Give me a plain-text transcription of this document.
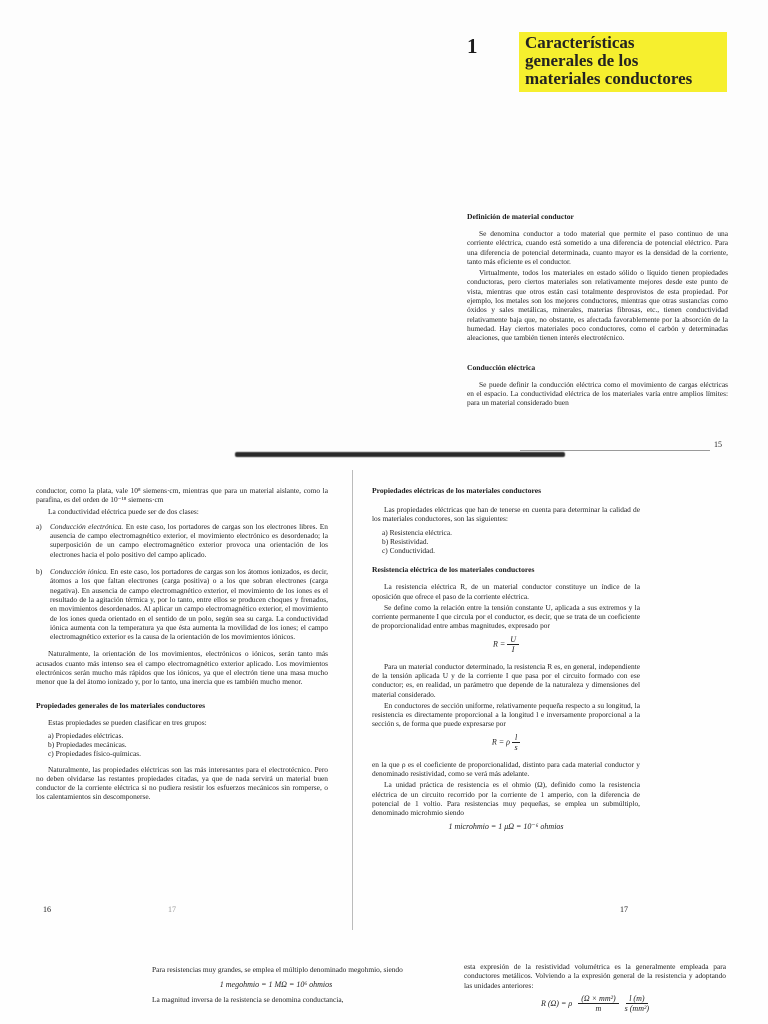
1	Características
generales de los
materiales conductores
Definición de material conductor

Se denomina conductor a todo material que permite el paso continuo de una corriente eléctrica, cuando está sometido a una diferencia de potencial eléctrico. Para una diferencia de potencial determinada, cuanto mayor es la densidad de la corriente, tanto más eficiente es el conductor.

Virtualmente, todos los materiales en estado sólido o líquido tienen propiedades conductoras, pero ciertos materiales son relativamente mejores desde este punto de vista, mientras que otros están casi totalmente desprovistos de esta propiedad. Por ejemplo, los metales son los mejores conductores, mientras que otras sustancias como óxidos y sales metálicas, minerales, materias fibrosas, etc., tienen conductividad relativamente baja que, no obstante, es afectada favorablemente por la absorción de la humedad. Hay ciertos materiales poco conductores, como el carbón y determinadas aleaciones, que también tienen interés electrotécnico.

Conducción eléctrica

Se puede definir la conducción eléctrica como el movimiento de cargas eléctricas en el espacio. La conductividad eléctrica de los materiales varía entre amplios límites: para un material considerado buen

15

conductor, como la plata, vale 10⁸ siemens·cm, mientras que para un material aislante, como la parafina, es del orden de 10⁻¹⁸ siemens·cm

La conductividad eléctrica puede ser de dos clases:

a)	Conducción electrónica. En este caso, los portadores de cargas son los electrones libres. En ausencia de campo electromagnético exterior, el movimiento electrónico es desordenado; la superposición de un campo electromagnético exterior provoca una orientación de los electrones hacia el polo positivo del campo aplicado.

b)	Conducción iónica. En este caso, los portadores de cargas son los átomos ionizados, es decir, átomos a los que faltan electrones (carga positiva) o a los que sobran electrones (carga negativa). En ausencia de campo electromagnético exterior, el movimiento de los iones es el resultado de la agitación térmica y, por lo tanto, entre ellos se producen choques y frenados, en movimientos desordenados. Al aplicar un campo electromagnético exterior, el movimiento de los iones queda orientado en el sentido de un polo, según sea su carga. La conductividad iónica aumenta con la temperatura ya que ésta aumenta la movilidad de los iones; el campo electromagnético exterior es la causa de la orientación de los movimientos iónicos.

Naturalmente, la orientación de los movimientos, electrónicos o iónicos, serán tanto más acusados cuanto más intenso sea el campo electromagnético exterior aplicado. Los movimientos electrónicos serán mucho más rápidos que los iónicos, ya que el electrón tiene una masa mucho menor que la del átomo ionizado y, por lo tanto, una inercia que es también mucho menor.

Propiedades generales de los materiales conductores

Estas propiedades se pueden clasificar en tres grupos:

a) Propiedades eléctricas.
b) Propiedades mecánicas.
c) Propiedades físico-químicas.

Naturalmente, las propiedades eléctricas son las más interesantes para el electrotécnico. Pero no deben olvidarse las restantes propiedades citadas, ya que de nada servirá un material buen conductor de la corriente eléctrica si no pudiera resistir los esfuerzos mecánicos sin romperse, o los calentamientos sin descomponerse.

16	17
Propiedades eléctricas de los materiales conductores

Las propiedades eléctricas que han de tenerse en cuenta para determinar la calidad de los materiales conductores, son las siguientes:

a) Resistencia eléctrica.
b) Resistividad.
c) Conductividad.
Resistencia eléctrica de los materiales conductores

La resistencia eléctrica R, de un material conductor constituye un índice de la oposición que ofrece el paso de la corriente eléctrica.

Se define como la relación entre la tensión constante U, aplicada a sus extremos y la corriente permanente I que circula por el conductor, es decir, que se trata de un coeficiente de proporcionalidad entre ambas magnitudes, expresado por

$R = \frac{U}{I}$

Para un material conductor determinado, la resistencia R es, en general, independiente de la tensión aplicada U y de la corriente I que pasa por el circuito formado con ese conductor; es, en realidad, un parámetro que depende de la naturaleza y dimensiones del material considerado.

En conductores de sección uniforme, relativamente pequeña respecto a su longitud, la resistencia es directamente proporcional a la longitud l e inversamente proporcional a la sección s, de forma que puede expresarse por

R = ρ $\frac{l}{s}$

en la que ρ es el coeficiente de proporcionalidad, distinto para cada material conductor y denominado resistividad, como se verá más adelante.

La unidad práctica de resistencia es el ohmio (Ω), definido como la resistencia eléctrica de un circuito recorrido por la corriente de 1 amperio, con la diferencia de potencial de 1 voltio. Para resistencias muy pequeñas, se emplea un submúltiplo, denominado microhmio siendo

1 microhmio = 1 μΩ = 10⁻⁶ ohmios
17

Para resistencias muy grandes, se emplea el múltiplo denominado megohmio, siendo

1 megohmio = 1 MΩ = 10⁶ ohmios

La magnitud inversa de la resistencia se denomina conductancia,

esta expresión de la resistividad volumétrica es la generalmente empleada para conductores metálicos. Volviendo a la expresión general de la resistencia y adoptando las unidades anteriores:

R (Ω) = ρ $\frac{\text{(Ω × mm²)}}{m} \frac{l (m)}{\text{s (mm²)}}$
